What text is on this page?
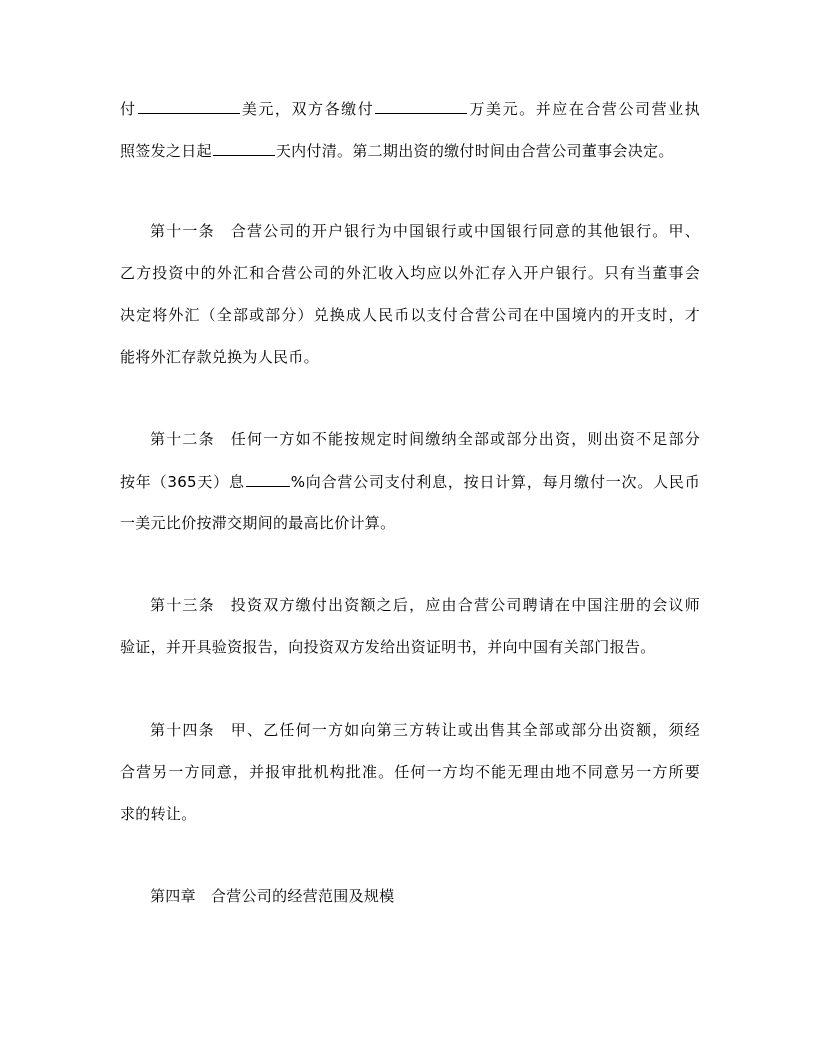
付	美元，双方各缴付	万美元。并应在合营公司营业执
照签发之日起	天内付清。第二期出资的缴付时间由合营公司董事会决定。
第十一条 合营公司的开户银行为中国银行或中国银行同意的其他银行。甲、
乙方投资中的外汇和合营公司的外汇收入均应以外汇存入开户银行。只有当董事会
决定将外汇（全部或部分）兑换成人民币以支付合营公司在中国境内的开支时，才
能将外汇存款兑换为人民币。
第十二条 任何一方如不能按规定时间缴纳全部或部分出资，则出资不足部分
按年（365天）息	%向合营公司支付利息，按日计算，每月缴付一次。人民币
一美元比价按滞交期间的最高比价计算。
第十三条 投资双方缴付出资额之后，应由合营公司聘请在中国注册的会议师
验证，并开具验资报告，向投资双方发给出资证明书，并向中国有关部门报告。
第十四条 甲、乙任何一方如向第三方转让或出售其全部或部分出资额，须经
合营另一方同意，并报审批机构批准。任何一方均不能无理由地不同意另一方所要
求的转让。
第四章 合营公司的经营范围及规模
